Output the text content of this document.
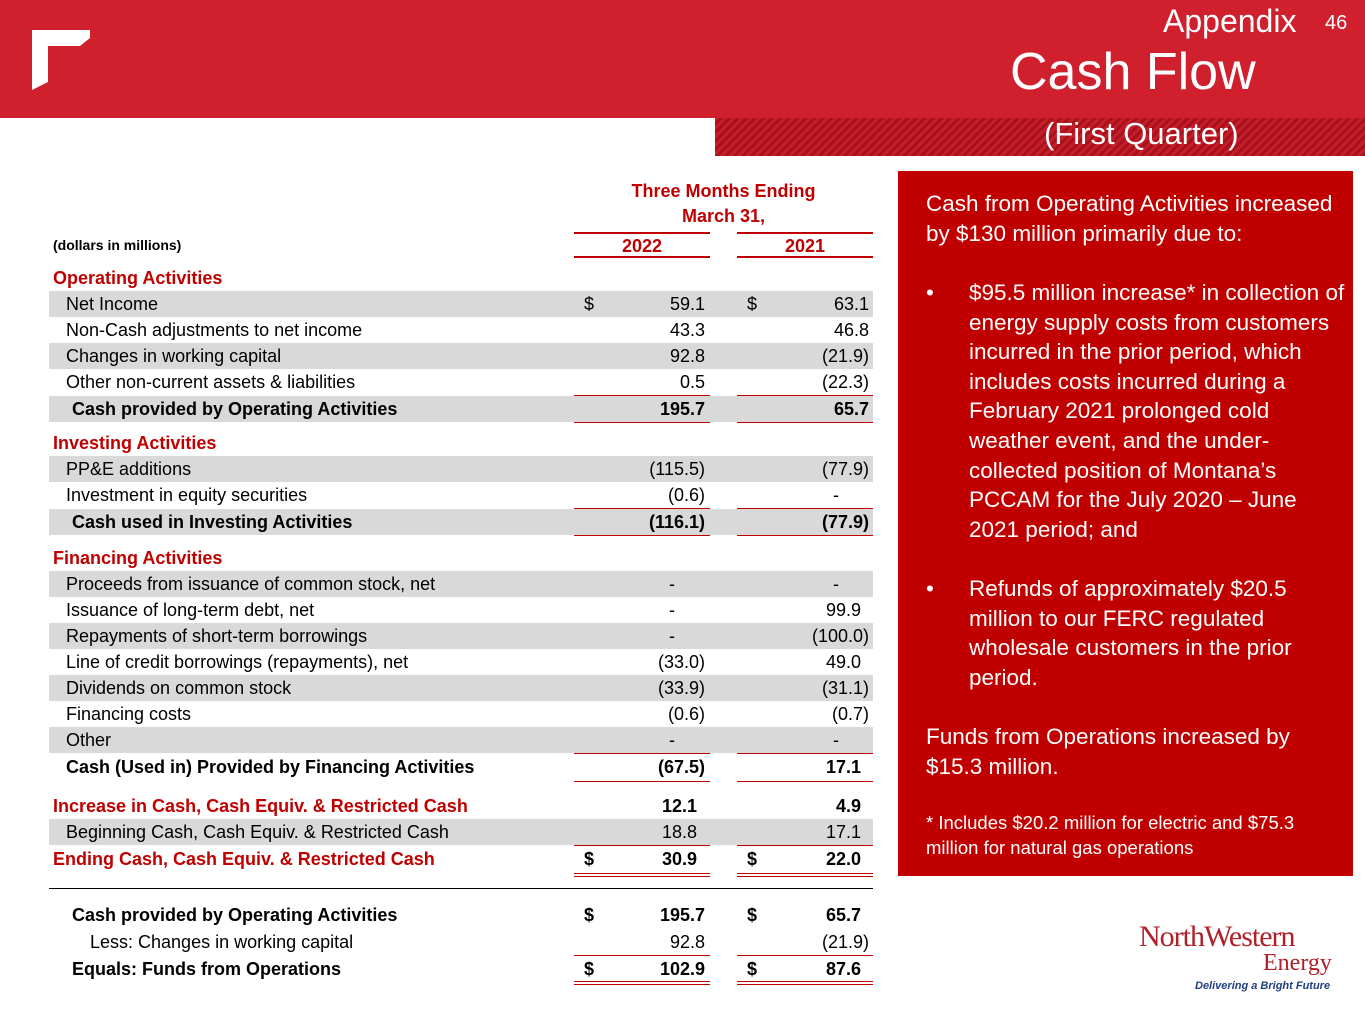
Appendix 46
Cash Flow
(First Quarter)
Three Months Ending
March 31,
2022	2021
(dollars in millions)
Operating Activities
Net Income	$	59.1 $	63.1
Non-Cash adjustments to net income	43.3	46.8
Changes in working capital	92.8	(21.9)
Other non-current assets & liabilities	0.5	(22.3)
Cash provided by Operating Activities	195.7	65.7
Investing Activities
PP&E additions	(115.5)	(77.9)
Investment in equity securities	(0.6)	-
Cash used in Investing Activities	(116.1)	(77.9)
Financing Activities
Proceeds from issuance of common stock, net	-	-
Issuance of long-term debt, net	-	99.9
Repayments of short-term borrowings	-	(100.0)
Line of credit borrowings (repayments), net	(33.0)	49.0
Dividends on common stock	(33.9)	(31.1)
Financing costs	(0.6)	(0.7)
Other	-	-
Cash (Used in) Provided by Financing Activities	(67.5)	17.1
Increase in Cash, Cash Equiv. & Restricted Cash	12.1	4.9
Beginning Cash, Cash Equiv. & Restricted Cash	18.8	17.1
Ending Cash, Cash Equiv. & Restricted Cash	$	30.9	$	22.0
Cash provided by Operating Activities	$	195.7 $	65.7
Less: Changes in working capital	92.8	(21.9)
Equals: Funds from Operations	$	102.9 $	87.6

Cash from Operating Activities increased by $130 million primarily due to:

• $95.5 million increase* in collection of energy supply costs from customers incurred in the prior period, which includes costs incurred during a February 2021 prolonged cold weather event, and the under-collected position of Montana’s PCCAM for the July 2020 – June 2021 period; and
• Refunds of approximately $20.5 million to our FERC regulated wholesale customers in the prior period.

Funds from Operations increased by $15.3 million.

* Includes $20.2 million for electric and $75.3 million for natural gas operations

NorthWestern
Energy
Delivering a Bright Future
